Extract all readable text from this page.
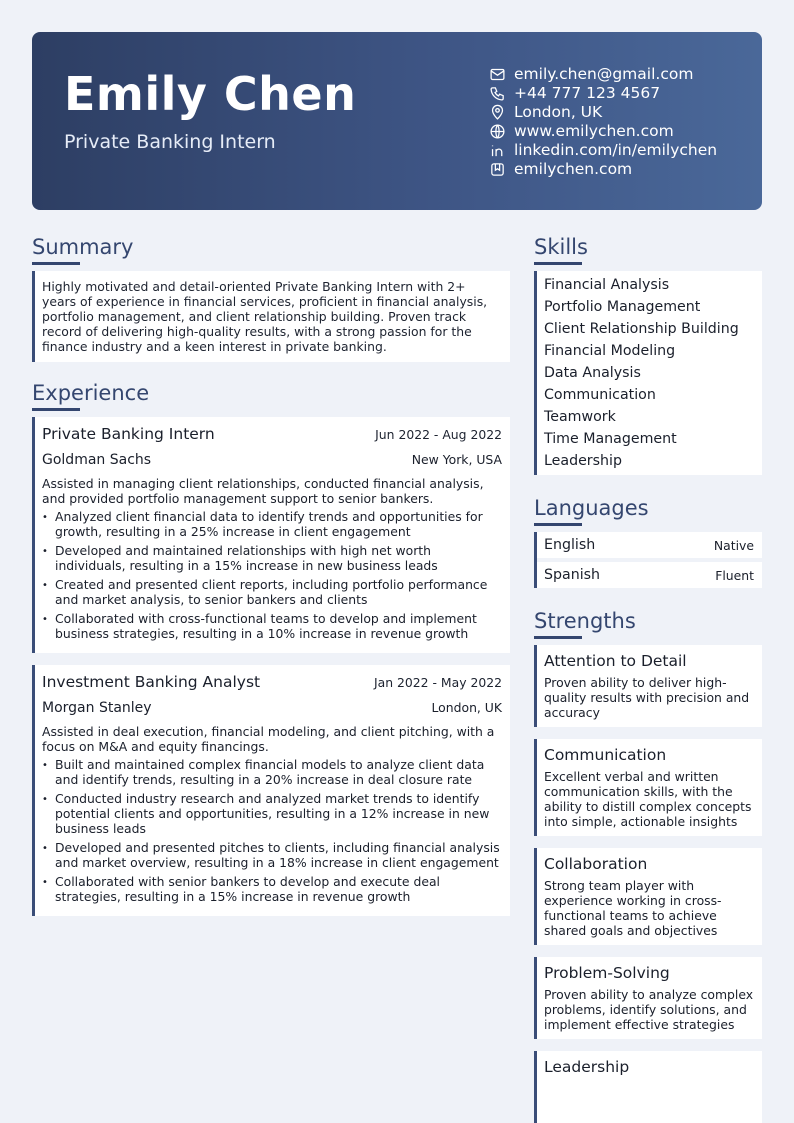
Emily Chen
Private Banking Intern
emily.chen@gmail.com
+44 777 123 4567
London, UK
www.emilychen.com
linkedin.com/in/emilychen
emilychen.com
Summary

Highly motivated and detail-oriented Private Banking Intern with 2+ years of experience in financial services, proficient in financial analysis, portfolio management, and client relationship building. Proven track record of delivering high-quality results, with a strong passion for the finance industry and a keen interest in private banking.

Experience
Private Banking Intern	Jun 2022 - Aug 2022
Goldman Sachs	New York, USA

Assisted in managing client relationships, conducted financial analysis, and provided portfolio management support to senior bankers.

• Analyzed client financial data to identify trends and opportunities for growth, resulting in a 25% increase in client engagement
• Developed and maintained relationships with high net worth individuals, resulting in a 15% increase in new business leads
• Created and presented client reports, including portfolio performance and market analysis, to senior bankers and clients
• Collaborated with cross-functional teams to develop and implement business strategies, resulting in a 10% increase in revenue growth
Investment Banking Analyst	Jan 2022 - May 2022
Morgan Stanley	London, UK

Assisted in deal execution, financial modeling, and client pitching, with a focus on M&A and equity financings.

• Built and maintained complex financial models to analyze client data and identify trends, resulting in a 20% increase in deal closure rate
• Conducted industry research and analyzed market trends to identify potential clients and opportunities, resulting in a 12% increase in new business leads
• Developed and presented pitches to clients, including financial analysis and market overview, resulting in a 18% increase in client engagement
• Collaborated with senior bankers to develop and execute deal strategies, resulting in a 15% increase in revenue growth
Skills
Financial Analysis
Portfolio Management
Client Relationship Building
Financial Modeling
Data Analysis
Communication
Teamwork
Time Management
Leadership
Languages
English	Native
Spanish	Fluent
Strengths
Attention to Detail

Proven ability to deliver high-quality results with precision and accuracy

Communication

Excellent verbal and written communication skills, with the ability to distill complex concepts into simple, actionable insights

Collaboration

Strong team player with experience working in cross-functional teams to achieve shared goals and objectives

Problem-Solving

Proven ability to analyze complex problems, identify solutions, and implement effective strategies

Leadership
